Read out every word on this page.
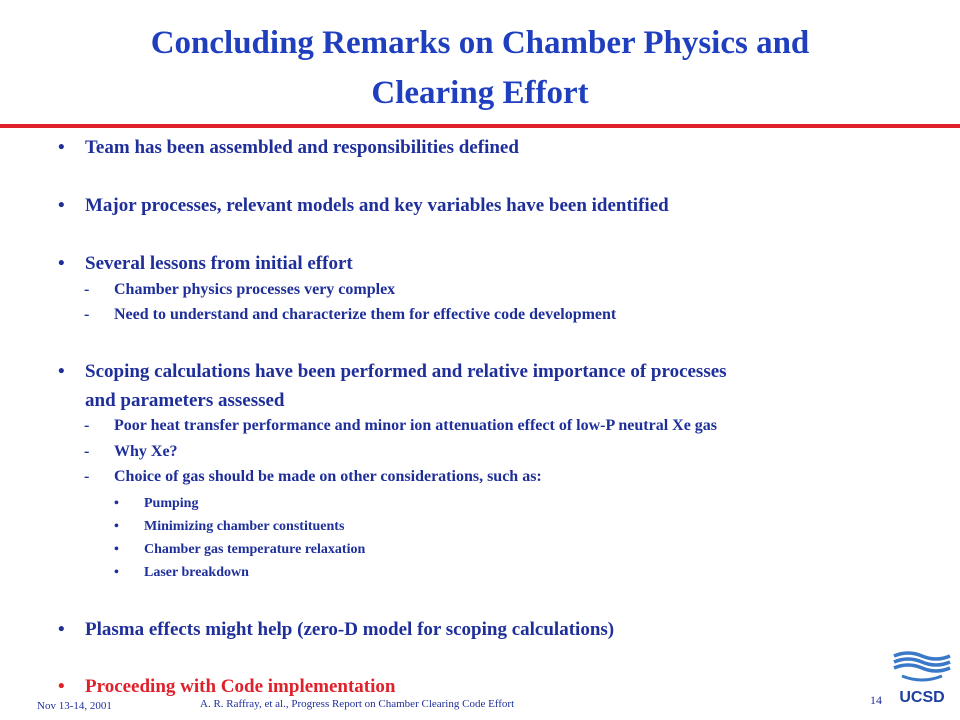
Concluding Remarks on Chamber Physics and
Clearing Effort
• Team has been assembled and responsibilities defined
• Major processes, relevant models and key variables have been identified
• Several lessons from initial effort
- Chamber physics processes very complex
- Need to understand and characterize them for effective code development
• Scoping calculations have been performed and relative importance of processes
and parameters assessed
- Poor heat transfer performance and minor ion attenuation effect of low-P neutral Xe gas
- Why Xe?
- Choice of gas should be made on other considerations, such as:
• Pumping
• Minimizing chamber constituents
• Chamber gas temperature relaxation
• Laser breakdown
• Plasma effects might help (zero-D model for scoping calculations)
• Proceeding with Code implementation
Nov 13-14, 2001	A. R. Raffray, et al., Progress Report on Chamber Clearing Code Effort	14 UCSD
